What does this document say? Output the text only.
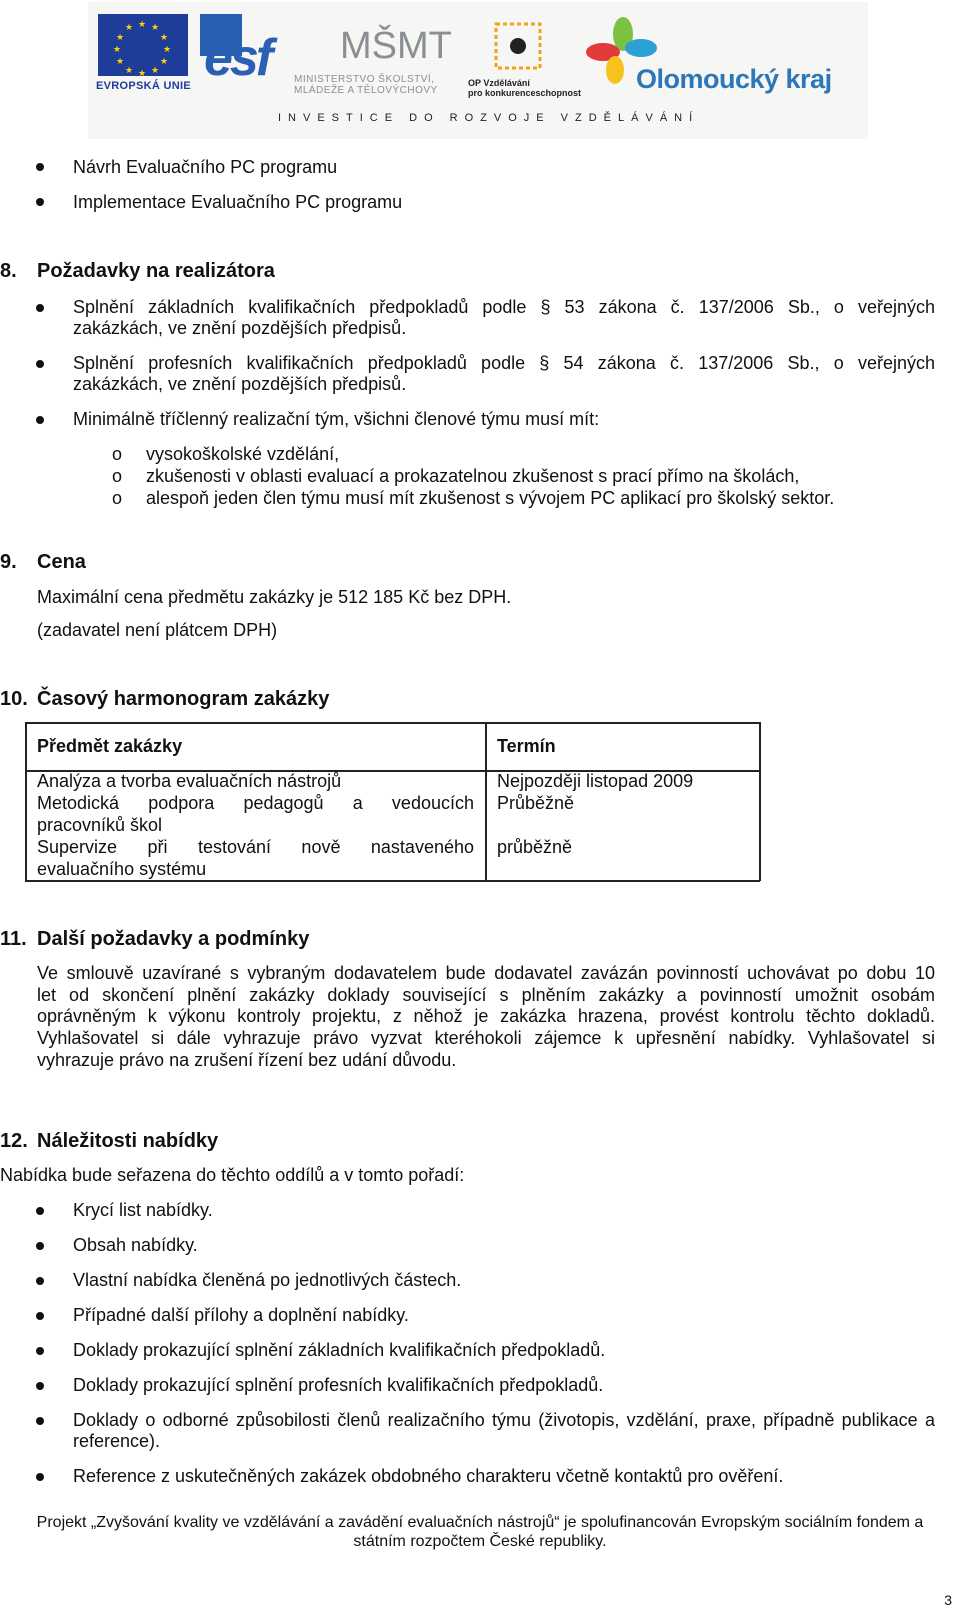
★ ★
★
★
★
★
★
★
★
★
★
★
EVROPSKÁ UNIE esf MŠMT
MINISTERSTVO ŠKOLSTVÍ,
MLÁDEŽE A TĚLOVÝCHOVY
OP Vzdělávání
pro konkurenceschopnost Olomoucký kraj
INVESTICE DO ROZVOJE VZDĚLÁVÁNÍ
Návrh Evaluačního PC programu
Implementace Evaluačního PC programu
8. Požadavky na realizátora
Splnění základních kvalifikačních předpokladů podle § 53 zákona č. 137/2006 Sb., o veřejných
zakázkách, ve znění pozdějších předpisů.
Splnění profesních kvalifikačních předpokladů podle § 54 zákona č. 137/2006 Sb., o veřejných
zakázkách, ve znění pozdějších předpisů.
Minimálně tříčlenný realizační tým, všichni členové týmu musí mít:
o vysokoškolské vzdělání,
o zkušenosti v oblasti evaluací a prokazatelnou zkušenost s prací přímo na školách,
o alespoň jeden člen týmu musí mít zkušenost s vývojem PC aplikací pro školský sektor.
9. Cena
Maximální cena předmětu zakázky je 512 185 Kč bez DPH.
(zadavatel není plátcem DPH)
10. Časový harmonogram zakázky
Předmět zakázky	Termín
Analýza a tvorba evaluačních nástrojů	Nejpozději listopad 2009
Metodická podpora pedagogů a vedoucích
pracovníků škol
Průběžně
Supervize při testování nově nastaveného
evaluačního systému
průběžně
11. Další požadavky a podmínky
Ve smlouvě uzavírané s vybraným dodavatelem bude dodavatel zavázán povinností uchovávat po dobu 10
let od skončení plnění zakázky doklady související s plněním zakázky a povinností umožnit osobám
oprávněným k výkonu kontroly projektu, z něhož je zakázka hrazena, provést kontrolu těchto dokladů.
Vyhlašovatel si dále vyhrazuje právo vyzvat kteréhokoli zájemce k upřesnění nabídky. Vyhlašovatel si
vyhrazuje právo na zrušení řízení bez udání důvodu.
12. Náležitosti nabídky
Nabídka bude seřazena do těchto oddílů a v tomto pořadí:
Krycí list nabídky.
Obsah nabídky.
Vlastní nabídka členěná po jednotlivých částech.
Případné další přílohy a doplnění nabídky.
Doklady prokazující splnění základních kvalifikačních předpokladů.
Doklady prokazující splnění profesních kvalifikačních předpokladů.
Doklady o odborné způsobilosti členů realizačního týmu (životopis, vzdělání, praxe, případně publikace a
reference).
Reference z uskutečněných zakázek obdobného charakteru včetně kontaktů pro ověření.
Projekt „Zvyšování kvality ve vzdělávání a zavádění evaluačních nástrojů“ je spolufinancován Evropským sociálním fondem a
státním rozpočtem České republiky.
3
